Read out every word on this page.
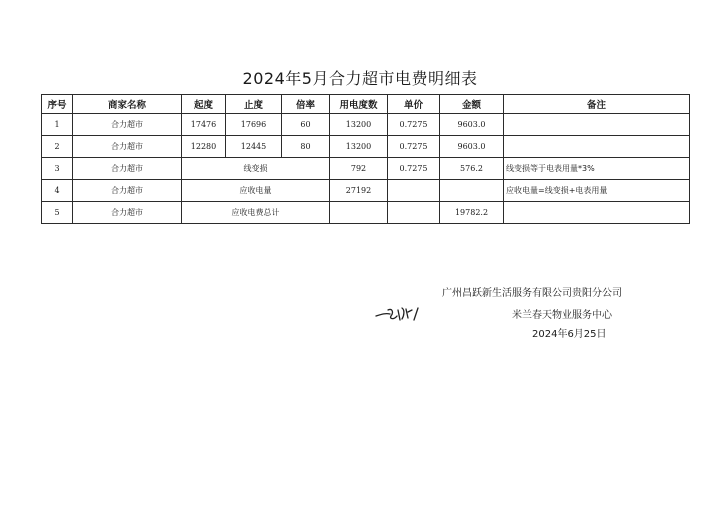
2024年5月合力超市电费明细表
序号	商家名称	起度	止度	倍率	用电度数	单价	金额	备注
1	合力超市	17476	17696	60	13200	0.7275	9603.0	
2	合力超市	12280	12445	80	13200	0.7275	9603.0	
3	合力超市	线变损			792	0.7275	576.2	线变损等于电表用量*3%
4	合力超市	应收电量			27192			应收电量=线变损+电表用量
5	合力超市	应收电费总计					19782.2	
广州昌跃新生活服务有限公司贵阳分公司
米兰春天物业服务中心
2024年6月25日
